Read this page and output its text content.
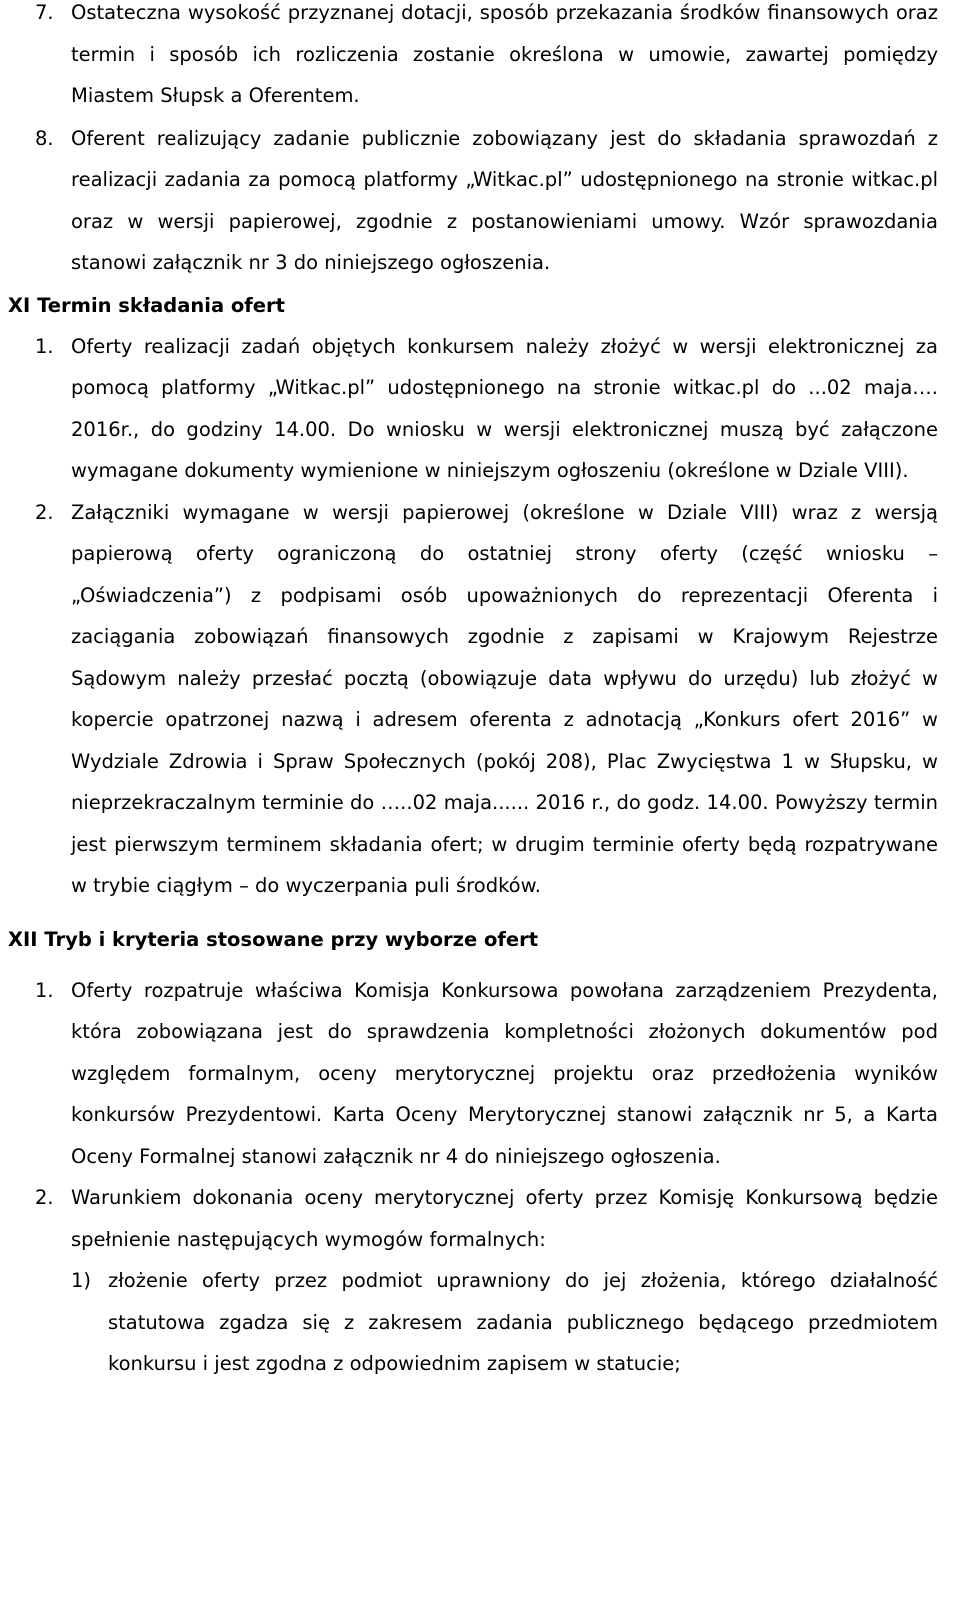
7. Ostateczna wysokość przyznanej dotacji, sposób przekazania środków finansowych oraz termin i sposób ich rozliczenia zostanie określona w umowie, zawartej pomiędzy Miastem Słupsk a Oferentem.
8. Oferent realizujący zadanie publicznie zobowiązany jest do składania sprawozdań z realizacji zadania za pomocą platformy „Witkac.pl” udostępnionego na stronie witkac.pl oraz w wersji papierowej, zgodnie z postanowieniami umowy. Wzór sprawozdania stanowi załącznik nr 3 do niniejszego ogłoszenia.
XI Termin składania ofert
1. Oferty realizacji zadań objętych konkursem należy złożyć w wersji elektronicznej za pomocą platformy „Witkac.pl” udostępnionego na stronie witkac.pl do ...02 maja…. 2016r., do godziny 14.00. Do wniosku w wersji elektronicznej muszą być załączone wymagane dokumenty wymienione w niniejszym ogłoszeniu (określone w Dziale VIII).
2. Załączniki wymagane w wersji papierowej (określone w Dziale VIII) wraz z wersją papierową oferty ograniczoną do ostatniej strony oferty (część wniosku – „Oświadczenia”) z podpisami osób upoważnionych do reprezentacji Oferenta i zaciągania zobowiązań finansowych zgodnie z zapisami w Krajowym Rejestrze Sądowym należy przesłać pocztą (obowiązuje data wpływu do urzędu) lub złożyć w kopercie opatrzonej nazwą i adresem oferenta z adnotacją „Konkurs ofert 2016” w Wydziale Zdrowia i Spraw Społecznych (pokój 208), Plac Zwycięstwa 1 w Słupsku, w nieprzekraczalnym terminie do …..02 maja...... 2016 r., do godz. 14.00. Powyższy termin jest pierwszym terminem składania ofert; w drugim terminie oferty będą rozpatrywane w trybie ciągłym – do wyczerpania puli środków.
XII Tryb i kryteria stosowane przy wyborze ofert
1. Oferty rozpatruje właściwa Komisja Konkursowa powołana zarządzeniem Prezydenta, która zobowiązana jest do sprawdzenia kompletności złożonych dokumentów pod względem formalnym, oceny merytorycznej projektu oraz przedłożenia wyników konkursów Prezydentowi. Karta Oceny Merytorycznej stanowi załącznik nr 5, a Karta Oceny Formalnej stanowi załącznik nr 4 do niniejszego ogłoszenia.
2. Warunkiem dokonania oceny merytorycznej oferty przez Komisję Konkursową będzie spełnienie następujących wymogów formalnych:
1) złożenie oferty przez podmiot uprawniony do jej złożenia, którego działalność statutowa zgadza się z zakresem zadania publicznego będącego przedmiotem konkursu i jest zgodna z odpowiednim zapisem w statucie;
